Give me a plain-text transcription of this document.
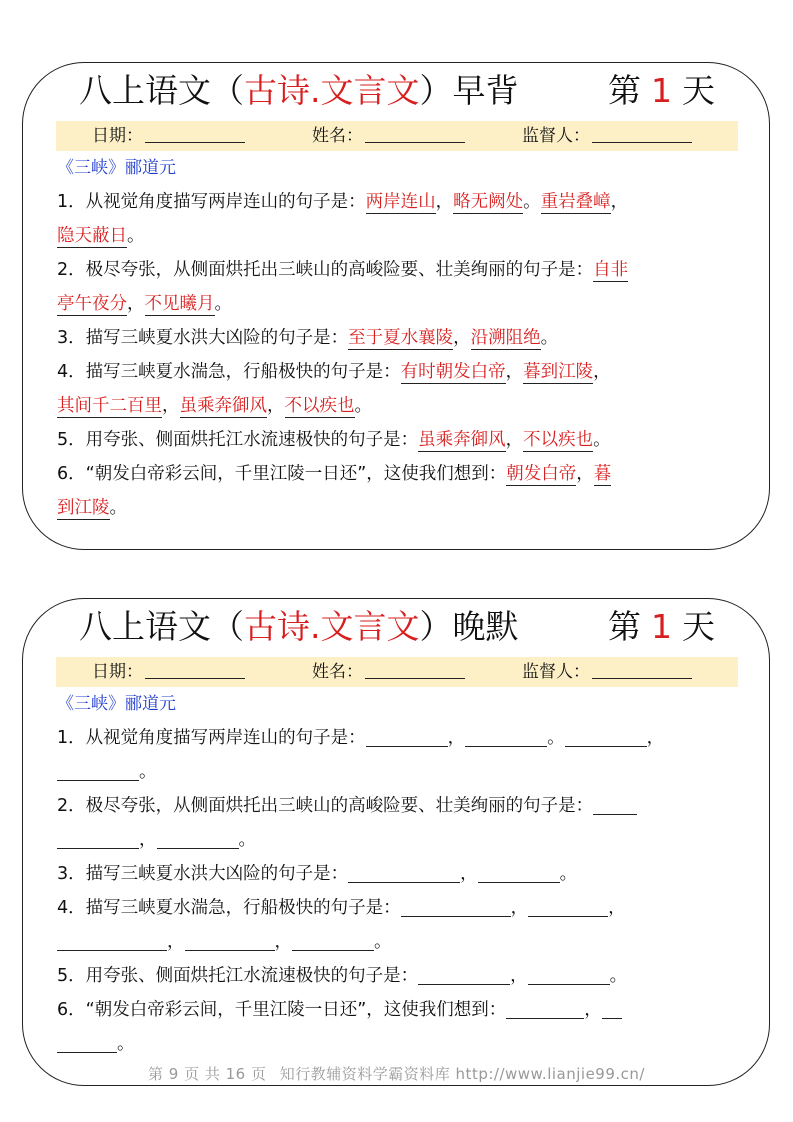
八上语文（古诗.文言文）早背	第 1 天
日期：	姓名：	监督人：
《三峡》郦道元
1．从视觉角度描写两岸连山的句子是：两岸连山，略无阙处。重岩叠嶂，
隐天蔽日。
2．极尽夸张，从侧面烘托出三峡山的高峻险要、壮美绚丽的句子是：自非
亭午夜分，不见曦月。
3．描写三峡夏水洪大凶险的句子是：至于夏水襄陵，沿溯阻绝。
4．描写三峡夏水湍急，行船极快的句子是：有时朝发白帝，暮到江陵，
其间千二百里，虽乘奔御风，不以疾也。
5．用夸张、侧面烘托江水流速极快的句子是：虽乘奔御风，不以疾也。
6．“朝发白帝彩云间，千里江陵一日还”，这使我们想到：朝发白帝，暮
到江陵。
八上语文（古诗.文言文）晚默	第 1 天
日期：	姓名：	监督人：
《三峡》郦道元
1．从视觉角度描写两岸连山的句子是：	，	。	，
。
2．极尽夸张，从侧面烘托出三峡山的高峻险要、壮美绚丽的句子是：
，	。
3．描写三峡夏水洪大凶险的句子是：	，	。
4．描写三峡夏水湍急，行船极快的句子是：	，	，
，	，	。
5．用夸张、侧面烘托江水流速极快的句子是：	，	。
6．“朝发白帝彩云间，千里江陵一日还”，这使我们想到：	，
。
第 9 页 共 16 页 知行教辅资料学霸资料库 http://www.lianjie99.cn/
